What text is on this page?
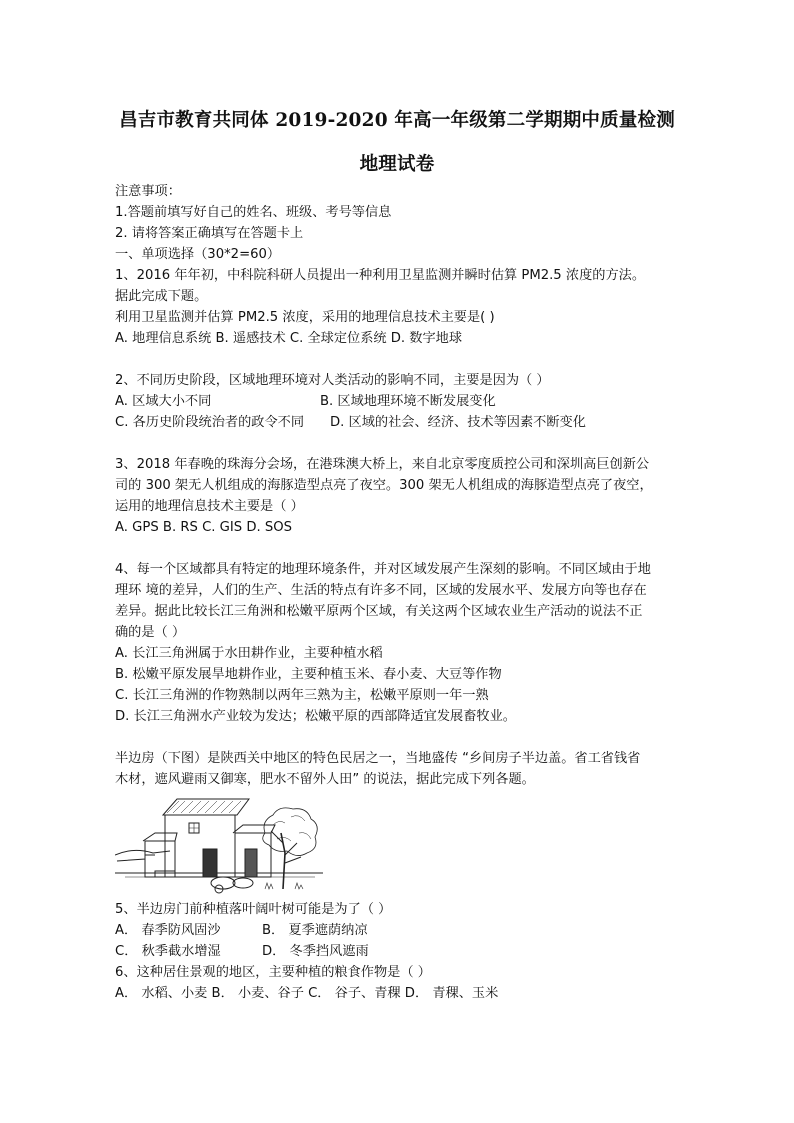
昌吉市教育共同体 2019-2020 年高一年级第二学期期中质量检测
地理试卷
注意事项：
1.答题前填写好自己的姓名、班级、考号等信息
2. 请将答案正确填写在答题卡上
一、单项选择（30*2=60）
1、2016 年年初，中科院科研人员提出一种利用卫星监测并瞬时估算 PM2.5 浓度的方法。
据此完成下题。
利用卫星监测并估算 PM2.5 浓度，采用的地理信息技术主要是( )
A. 地理信息系统 B. 遥感技术 C. 全球定位系统 D. 数字地球
2、不同历史阶段，区域地理环境对人类活动的影响不同，主要是因为（ ）
A. 区域大小不同	B. 区域地理环境不断发展变化
C. 各历史阶段统治者的政令不同	D. 区域的社会、经济、技术等因素不断变化
3、2018 年春晚的珠海分会场，在港珠澳大桥上，来自北京零度质控公司和深圳高巨创新公
司的 300 架无人机组成的海豚造型点亮了夜空。300 架无人机组成的海豚造型点亮了夜空，
运用的地理信息技术主要是（ ）
A. GPS B. RS C. GIS D. SOS
4、每一个区域都具有特定的地理环境条件，并对区域发展产生深刻的影响。不同区域由于地
理环 境的差异，人们的生产、生活的特点有许多不同，区域的发展水平、发展方向等也存在
差异。据此比较长江三角洲和松嫩平原两个区域，有关这两个区域农业生产活动的说法不正
确的是（ ）
A. 长江三角洲属于水田耕作业，主要种植水稻
B. 松嫩平原发展旱地耕作业，主要种植玉米、春小麦、大豆等作物
C. 长江三角洲的作物熟制以两年三熟为主，松嫩平原则一年一熟
D. 长江三角洲水产业较为发达；松嫩平原的西部降适宜发展畜牧业。
半边房（下图）是陕西关中地区的特色民居之一，当地盛传 “乡间房子半边盖。省工省钱省
木材，遮风避雨又御寒，肥水不留外人田” 的说法，据此完成下列各题。
5、半边房门前种植落叶阔叶树可能是为了（ ）
A． 春季防风固沙	B． 夏季遮荫纳凉
C． 秋季截水增湿	D． 冬季挡风遮雨
6、这种居住景观的地区，主要种植的粮食作物是（ ）
A． 水稻、小麦 B． 小麦、谷子 C． 谷子、青稞 D． 青稞、玉米
